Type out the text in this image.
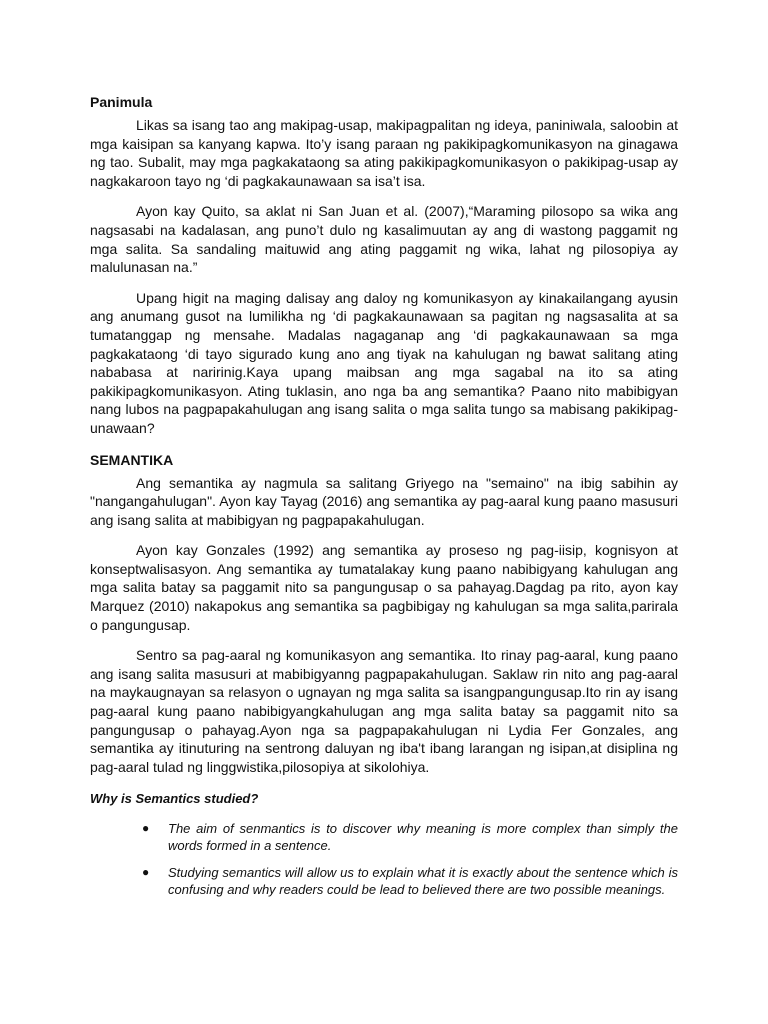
Panimula

Likas sa isang tao ang makipag-usap, makipagpalitan ng ideya, paniniwala, saloobin at mga kaisipan sa kanyang kapwa. Ito’y isang paraan ng pakikipagkomunikasyon na ginagawa ng tao. Subalit, may mga pagkakataong sa ating pakikipagkomunikasyon o pakikipag-usap ay nagkakaroon tayo ng ‘di pagkakaunawaan sa isa’t isa.

Ayon kay Quito, sa aklat ni San Juan et al. (2007),“Maraming pilosopo sa wika ang nagsasabi na kadalasan, ang puno’t dulo ng kasalimuutan ay ang di wastong paggamit ng mga salita. Sa sandaling maituwid ang ating paggamit ng wika, lahat ng pilosopiya ay malulunasan na.”

Upang higit na maging dalisay ang daloy ng komunikasyon ay kinakailangang ayusin ang anumang gusot na lumilikha ng ‘di pagkakaunawaan sa pagitan ng nagsasalita at sa tumatanggap ng mensahe. Madalas nagaganap ang ‘di pagkakaunawaan sa mga pagkakataong ‘di tayo sigurado kung ano ang tiyak na kahulugan ng bawat salitang ating nababasa at naririnig.Kaya upang maibsan ang mga sagabal na ito sa ating pakikipagkomunikasyon. Ating tuklasin, ano nga ba ang semantika? Paano nito mabibigyan nang lubos na pagpapakahulugan ang isang salita o mga salita tungo sa mabisang pakikipag-unawaan?

SEMANTIKA

Ang semantika ay nagmula sa salitang Griyego na "semaino" na ibig sabihin ay "nangangahulugan". Ayon kay Tayag (2016) ang semantika ay pag-aaral kung paano masusuri ang isang salita at mabibigyan ng pagpapakahulugan.

Ayon kay Gonzales (1992) ang semantika ay proseso ng pag-iisip, kognisyon at konseptwalisasyon. Ang semantika ay tumatalakay kung paano nabibigyang kahulugan ang mga salita batay sa paggamit nito sa pangungusap o sa pahayag.Dagdag pa rito, ayon kay Marquez (2010) nakapokus ang semantika sa pagbibigay ng kahulugan sa mga salita,parirala o pangungusap.

Sentro sa pag-aaral ng komunikasyon ang semantika. Ito rinay pag-aaral, kung paano ang isang salita masusuri at mabibigyanng pagpapakahulugan. Saklaw rin nito ang pag-aaral na maykaugnayan sa relasyon o ugnayan ng mga salita sa isangpangungusap.Ito rin ay isang pag-aaral kung paano nabibigyangkahulugan ang mga salita batay sa paggamit nito sa pangungusap o pahayag.Ayon nga sa pagpapakahulugan ni Lydia Fer Gonzales, ang semantika ay itinuturing na sentrong daluyan ng iba't ibang larangan ng isipan,at disiplina ng pag-aaral tulad ng linggwistika,pilosopiya at sikolohiya.

Why is Semantics studied?
● The aim of senmantics is to discover why meaning is more complex than simply the words formed in a sentence.
● Studying semantics will allow us to explain what it is exactly about the sentence which is confusing and why readers could be lead to believed there are two possible meanings.
